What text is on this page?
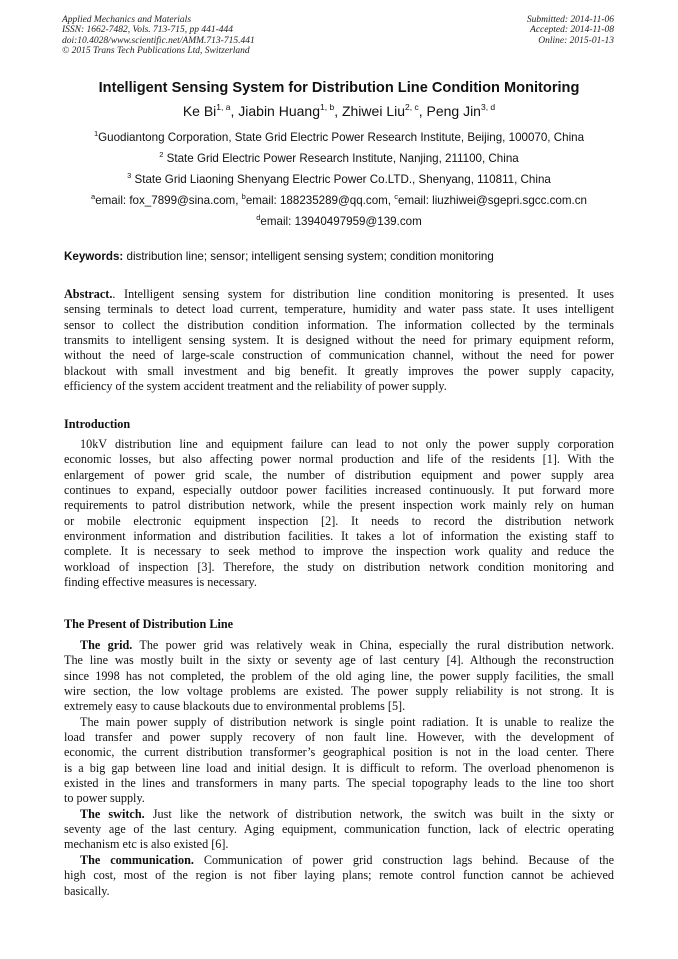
Applied Mechanics and Materials
ISSN: 1662-7482, Vols. 713-715, pp 441-444
doi:10.4028/www.scientific.net/AMM.713-715.441
© 2015 Trans Tech Publications Ltd, Switzerland
Submitted: 2014-11-06
Accepted: 2014-11-08
Online: 2015-01-13
Intelligent Sensing System for Distribution Line Condition Monitoring
Ke Bi$^{1, a}$, Jiabin Huang$^{1, b}$, Zhiwei Liu$^{2, c}$, Peng Jin$^{3, d}$
$^1$Guodiantong Corporation, State Grid Electric Power Research Institute, Beijing, 100070, China
$^2$ State Grid Electric Power Research Institute, Nanjing, 211100, China
$^3$ State Grid Liaoning Shenyang Electric Power Co.LTD., Shenyang, 110811, China
$^a$email: fox_7899@sina.com, $^b$email: 188235289@qq.com, $^c$email: liuzhiwei@sgepri.sgcc.com.cn
$^d$email: 13940497959@139.com
Keywords: distribution line; sensor; intelligent sensing system; condition monitoring
Abstract.. Intelligent sensing system for distribution line condition monitoring is presented. It uses
sensing terminals to detect load current, temperature, humidity and water pass state. It uses intelligent
sensor to collect the distribution condition information. The information collected by the terminals
transmits to intelligent sensing system. It is designed without the need for primary equipment reform,
without the need of large-scale construction of communication channel, without the need for power
blackout with small investment and big benefit. It greatly improves the power supply capacity,
efficiency of the system accident treatment and the reliability of power supply.
Introduction
10kV distribution line and equipment failure can lead to not only the power supply corporation
economic losses, but also affecting power normal production and life of the residents [1]. With the
enlargement of power grid scale, the number of distribution equipment and power supply area
continues to expand, especially outdoor power facilities increased continuously. It put forward more
requirements to patrol distribution network, while the present inspection work mainly rely on human
or mobile electronic equipment inspection [2]. It needs to record the distribution network
environment information and distribution facilities. It takes a lot of information the existing staff to
complete. It is necessary to seek method to improve the inspection work quality and reduce the
workload of inspection [3]. Therefore, the study on distribution network condition monitoring and
finding effective measures is necessary.
The Present of Distribution Line
The grid. The power grid was relatively weak in China, especially the rural distribution network.
The line was mostly built in the sixty or seventy age of last century [4]. Although the reconstruction
since 1998 has not completed, the problem of the old aging line, the power supply facilities, the small
wire section, the low voltage problems are existed. The power supply reliability is not strong. It is
extremely easy to cause blackouts due to environmental problems [5].
The main power supply of distribution network is single point radiation. It is unable to realize the
load transfer and power supply recovery of non fault line. However, with the development of
economic, the current distribution transformer’s geographical position is not in the load center. There
is a big gap between line load and initial design. It is difficult to reform. The overload phenomenon is
existed in the lines and transformers in many parts. The special topography leads to the line too short
to power supply.
The switch. Just like the network of distribution network, the switch was built in the sixty or
seventy age of the last century. Aging equipment, communication function, lack of electric operating
mechanism etc is also existed [6].
The communication. Communication of power grid construction lags behind. Because of the
high cost, most of the region is not fiber laying plans; remote control function cannot be achieved
basically.
